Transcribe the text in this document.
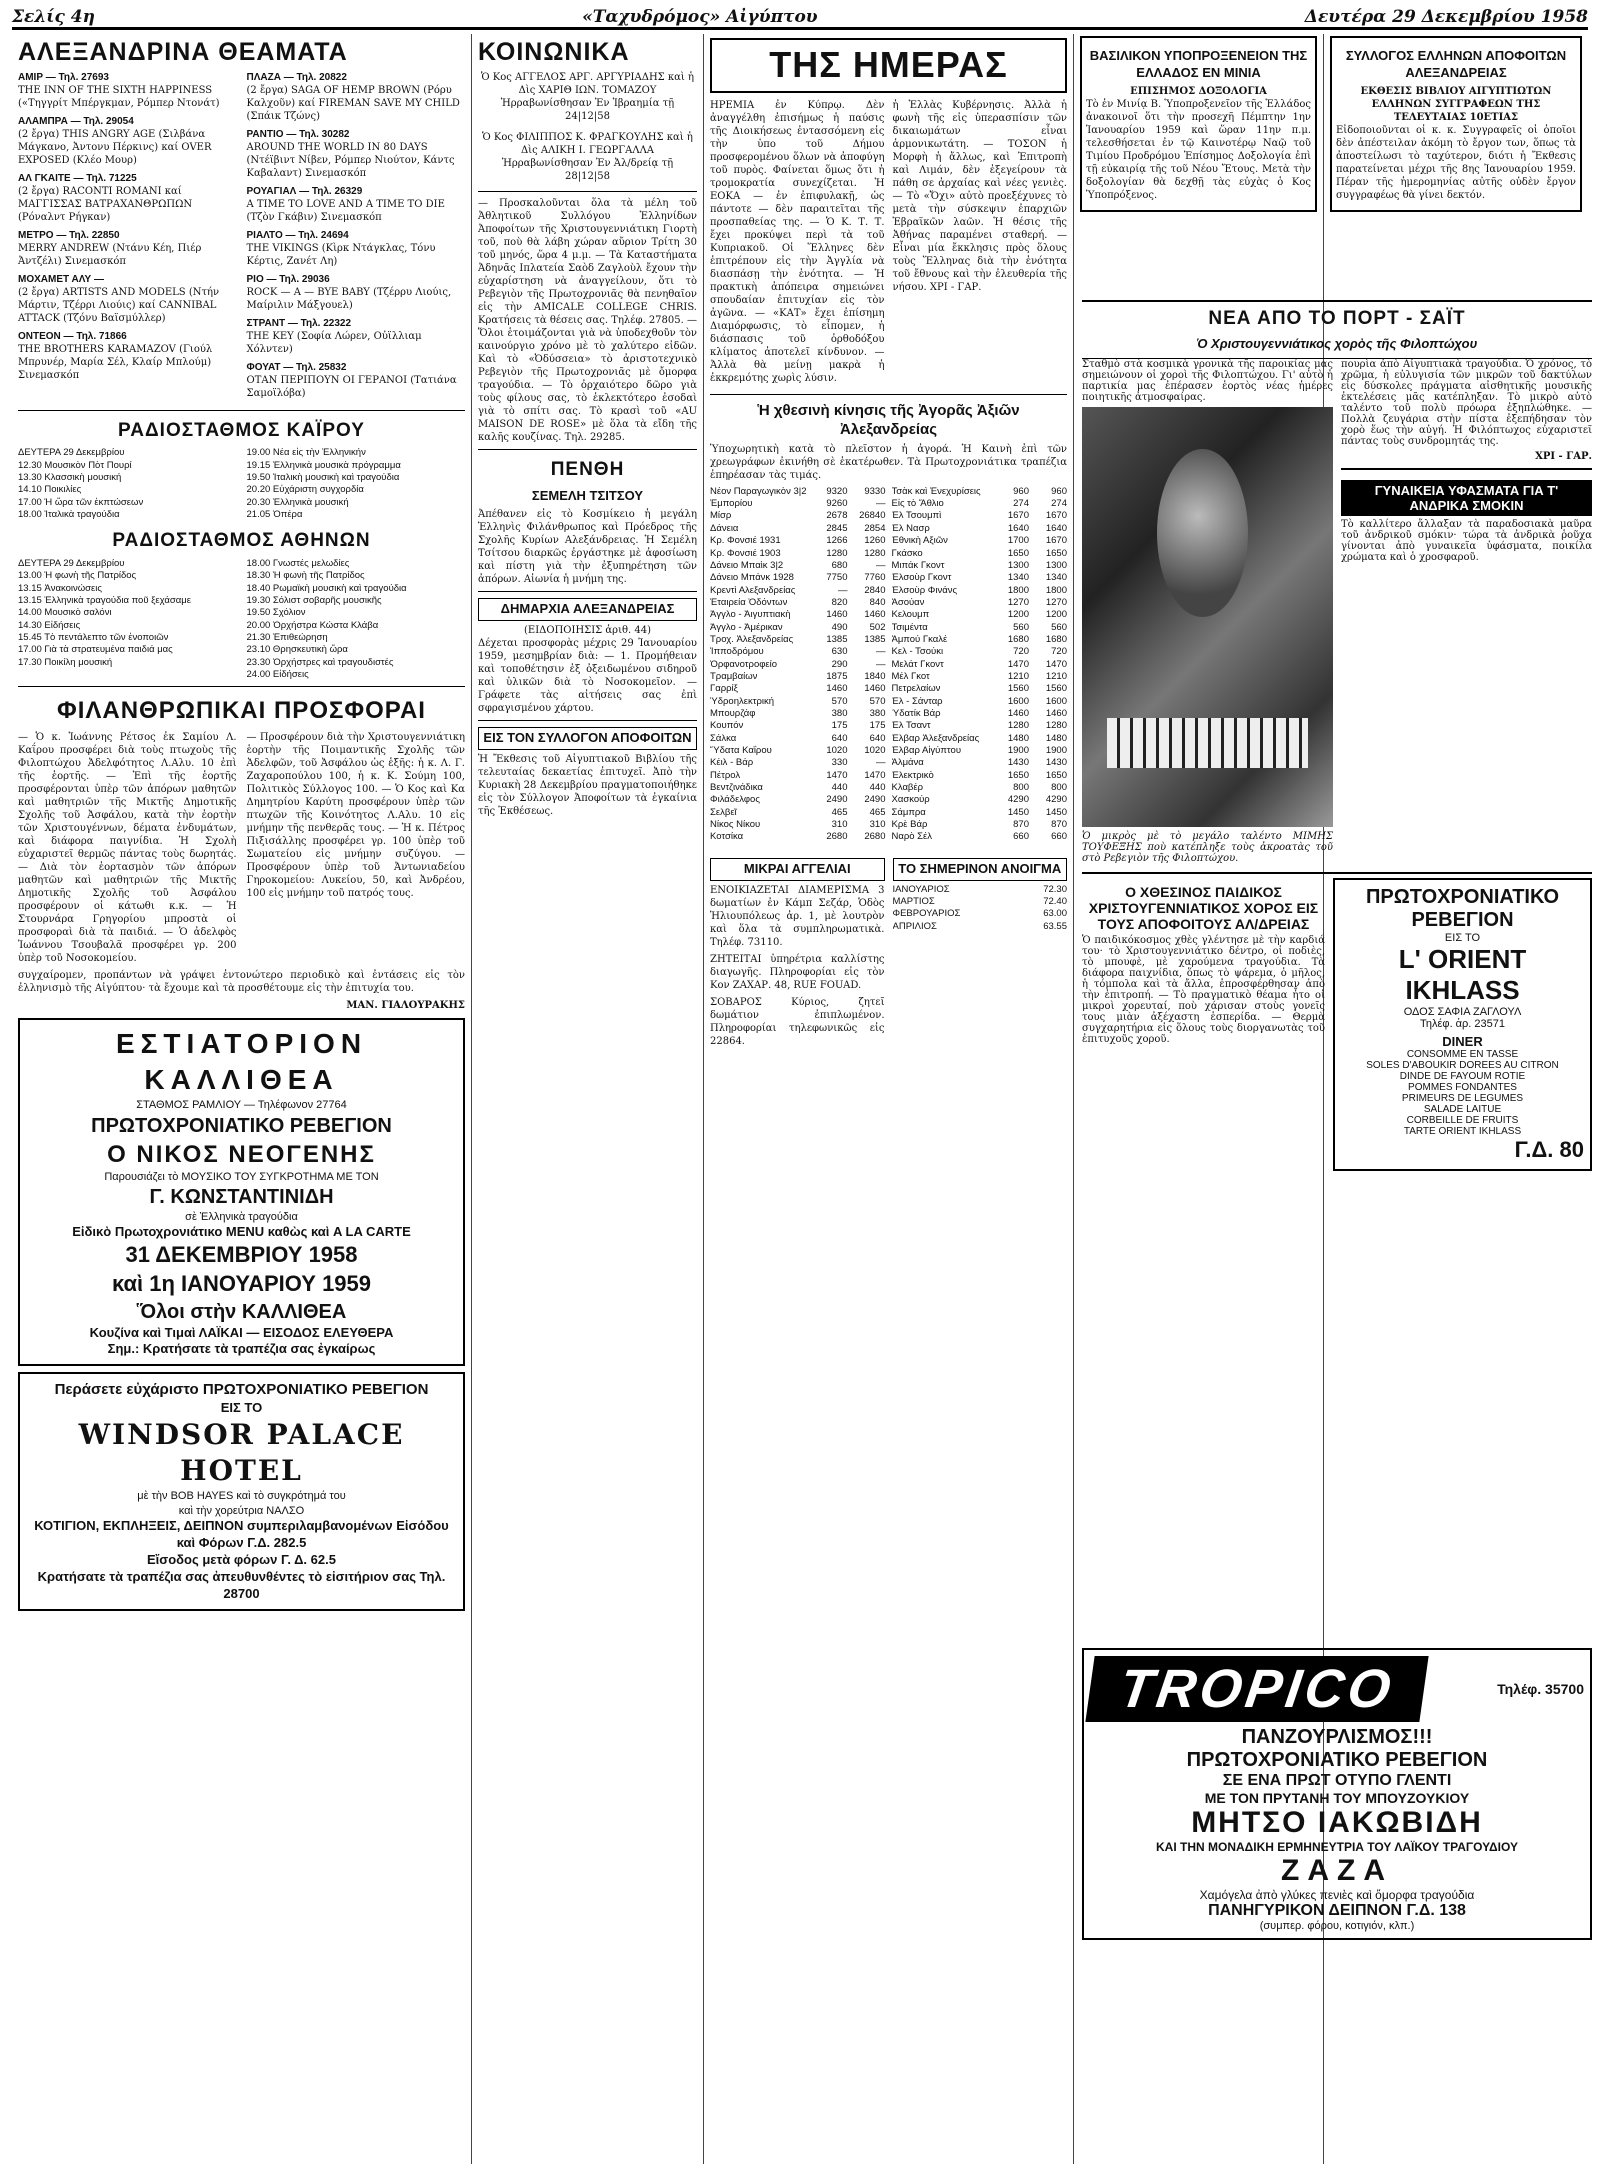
Σελίς 4η	«Ταχυδρόμος» Αἰγύπτου	Δευτέρα 29 Δεκεμβρίου 1958
ΑΛΕΞΑΝΔΡΙΝΑ ΘΕΑΜΑΤΑ
ΑΜΙΡ — Τηλ. 27693
THE INN OF THE SIXTH HAPPINESS («Τηγγρίτ Μπέργκμαν, Ρόμπερ Ντονάτ)
ΑΛΑΜΠΡΑ — Τηλ. 29054
(2 ἔργα) THIS ANGRY AGE (Σιλβάνα Μάγκανο, Ἀντονυ Πέρκινς) καί OVER EXPOSED (Κλέο Μουρ)
ΑΛ ΓΚΑΙΤΕ — Τηλ. 71225
(2 ἔργα) RACONTI ROMANI καί ΜΑΓΓΙΣΣΑΣ ΒΑΤΡΑΧΑΝΘΡΩΠΩΝ (Ρόναλντ Ρήγκαν)
ΜΕΤΡΟ — Τηλ. 22850
MERRY ANDREW (Ντάνυ Κέη, Πιέρ Ἀντζέλι) Σινεμασκόπ
ΜΟΧΑΜΕΤ ΑΛΥ —
(2 ἔργα) ARTISTS AND MODELS (Ντήν Μάρτιν, Τζέρρι Λιούις) καί CANNIBAL ATTACK (Τζόνυ Βαϊσμύλλερ)
ΟΝΤΕΟΝ — Τηλ. 71866
THE BROTHERS KARAMAZOV (Γιούλ Μπρυνέρ, Μαρία Σέλ, Κλαίρ Μπλούμ) Σινεμασκόπ
ΠΛΑΖΑ — Τηλ. 20822
(2 ἔργα) SAGA OF HEMP BROWN (Ρόρυ Καλχοῦν) καί FIREMAN SAVE MY CHILD (Σπάικ Τζώνς)
ΡΑΝΤΙΟ — Τηλ. 30282
AROUND THE WORLD IN 80 DAYS (Ντέϊβιντ Νίβεν, Ρόμπερ Νιούτον, Κάντς Καβαλαντ) Σινεμασκόπ
ΡΟΥΑΓΙΑΛ — Τηλ. 26329
A TIME TO LOVE AND A TIME TO DIE (Τζὸν Γκάβιν) Σινεμασκόπ
ΡΙΑΛΤΟ — Τηλ. 24694
THE VIKINGS (Κὶρκ Ντάγκλας, Τόνυ Κέρτις, Ζανέτ Λη)
ΡΙΟ — Τηλ. 29036
ROCK — A — BYE BABY (Τζέρρυ Λιούις, Μαίριλιν Μάξγουελ)
ΣΤΡΑΝΤ — Τηλ. 22322
THE KEY (Σοφία Λώρεν, Οὐϊλλιαμ Χόλντεν)
ΦΟΥΑΤ — Τηλ. 25832
ΟΤΑΝ ΠΕΡΙΠΟΥΝ ΟΙ ΓΕΡΑΝΟΙ (Τατιάνα Σαμοϊλόβα)
ΡΑΔΙΟΣΤΑΘΜΟΣ ΚΑΪΡΟΥ
ΔΕΥΤΕΡΑ 29 Δεκεμβρίου
12.30 Μουσικὸν Πὸτ Πουρί
13.30 Κλασσικὴ μουσική
14.10 Ποικιλίες
17.00 Ἡ ὥρα τῶν ἐκπτώσεων
18.00 Ἰταλικὰ τραγούδια
19.00 Νέα εἰς τὴν Ἑλληνικήν
19.15 Ἑλληνικὰ μουσικὰ πρόγραμμα
19.50 Ἰταλικὴ μουσικὴ καὶ τραγούδια
20.20 Εὐχάριστη συγχορδία
20.30 Ἑλληνικὰ μουσική
21.05 Ὀπέρα
ΡΑΔΙΟΣΤΑΘΜΟΣ ΑΘΗΝΩΝ
ΔΕΥΤΕΡΑ 29 Δεκεμβρίου
13.00 Ἡ φωνὴ τῆς Πατρίδος
13.15 Ἀνακοινώσεις
13.15 Ἑλληνικὰ τραγούδια ποῦ ξεχάσαμε
14.00 Μουσικὸ σαλόνι
14.30 Εἰδήσεις
15.45 Τὸ πεντάλεπτο τῶν ἐνοποιῶν
17.00 Γιὰ τὰ στρατευμένα παιδιά μας
17.30 Ποικίλη μουσική
18.00 Γνωστές μελωδίες
18.30 Ἡ φωνὴ τῆς Πατρίδος
18.40 Ρωμαϊκὴ μουσικὴ καὶ τραγούδια
19.30 Σόλιστ σοβαρῆς μουσικῆς
19.50 Σχόλιον
20.00 Ὀρχήστρα Κώστα Κλάβα
21.30 Ἐπιθεώρηση
23.10 Θρησκευτικὴ ὥρα
23.30 Ὀρχήστρες καὶ τραγουδιστές
24.00 Εἰδήσεις
ΦΙΛΑΝΘΡΩΠΙΚΑΙ ΠΡΟΣΦΟΡΑΙ

— Ὁ κ. Ἰωάννης Ρέτσος ἐκ Σαμίου Λ. Καΐρου προσφέρει διὰ τοὺς πτωχοὺς τῆς Φιλοπτώχου Ἀδελφότητος Λ.Αλυ. 10 ἐπὶ τῆς ἑορτῆς. — Ἐπὶ τῆς ἑορτῆς προσφέρονται ὑπὲρ τῶν ἀπόρων μαθητῶν καὶ μαθητριῶν τῆς Μικτῆς Δημοτικῆς Σχολῆς τοῦ Ἀσφάλου, κατὰ τὴν ἐορτὴν τῶν Χριστουγέννων, δέματα ἐνδυμάτων, καὶ διάφορα παιγνίδια. Ἡ Σχολὴ εὐχαριστεῖ θερμῶς πάντας τοὺς δωρητάς. — Διὰ τὸν ἑορτασμὸν τῶν ἀπόρων μαθητῶν καὶ μαθητριῶν τῆς Μικτῆς Δημοτικῆς Σχολῆς τοῦ Ἀσφάλου προσφέρουν οἱ κάτωθι κ.κ. — Ἡ Στουρνάρα Γρηγορίου μπροστὰ οἱ προσφοραὶ διὰ τὰ παιδιά. — Ὁ ἀδελφὸς Ἰωάννου Τσουβαλᾶ προσφέρει γρ. 200 ὑπὲρ τοῦ Νοσοκομείου.

— Προσφέρουν διὰ τὴν Χριστουγεννιάτικη ἑορτὴν τῆς Ποιμαντικῆς Σχολῆς τῶν Ἀδελφῶν, τοῦ Ἀσφάλου ὡς ἑξῆς: ἡ κ. Λ. Γ. Ζαχαροπούλου 100, ἡ κ. Κ. Σούμη 100, Πολιτικὸς Σύλλογος 100. — Ὁ Κος καὶ Κα Δημητρίου Καρύτη προσφέρουν ὑπὲρ τῶν πτωχῶν τῆς Κοινότητος Λ.Αλυ. 10 εἰς μνήμην τῆς πενθερᾶς τους. — Ἡ κ. Πέτρος Πιξισάλλης προσφέρει γρ. 100 ὑπὲρ τοῦ Σωματείου εἰς μνήμην συζύγου. — Προσφέρουν ὑπὲρ τοῦ Ἀντωνιαδείου Γηροκομείου: Λυκείου, 50, καὶ Ἀνδρέου, 100 εἰς μνήμην τοῦ πατρός τους.

συγχαίρομεν, προπάντων νὰ γράψει ἐντονώτερο περιοδικὸ καὶ ἐντάσεις εἰς τὸν ἐλληνισμὸ τῆς Αἰγύπτου· τὰ ἔχουμε καὶ τὰ προσθέτουμε εἰς τὴν ἐπιτυχία του.

ΜΑΝ. ΓΙΑΛΟΥΡΑΚΗΣ

ΕΣΤΙΑΤΟΡΙΟΝ ΚΑΛΛΙΘΕΑ
ΣΤΑΘΜΟΣ ΡΑΜΛΙΟΥ — Τηλέφωνον 27764
ΠΡΩΤΟΧΡΟΝΙΑΤΙΚΟ ΡΕΒΕΓΙΟΝ
Ο ΝΙΚΟΣ ΝΕΟΓΕΝΗΣ
Παρουσιάζει τὸ ΜΟΥΣΙΚΟ ΤΟΥ ΣΥΓΚΡΟΤΗΜΑ ΜΕ ΤΟΝ
Γ. ΚΩΝΣΤΑΝΤΙΝΙΔΗ
σὲ Ἑλληνικὰ τραγούδια
Εἰδικὸ Πρωτοχρονιάτικο MENU καθὼς καὶ A LA CARTE
31 ΔΕΚΕΜΒΡΙΟΥ 1958
καὶ 1η ΙΑΝΟΥΑΡΙΟΥ 1959
Ὅλοι στὴν ΚΑΛΛΙΘΕΑ
Κουζίνα καὶ Τιμαὶ ΛΑΪΚΑΙ — ΕΙΣΟΔΟΣ ΕΛΕΥΘΕΡΑ
Σημ.: Κρατήσατε τὰ τραπέζια σας ἐγκαίρως
Περάσετε εὐχάριστο ΠΡΩΤΟΧΡΟΝΙΑΤΙΚΟ ΡΕΒΕΓΙΟΝ
ΕΙΣ ΤΟ
WINDSOR PALACE HOTEL
μὲ τὴν BOB HAYES καὶ τὸ συγκρότημά του
καὶ τὴν χορεύτρια ΝΑΛΣΟ
ΚΟΤΙΓΙΟΝ, ΕΚΠΛΗΞΕΙΣ, ΔΕΙΠΝΟΝ συμπεριλαμβανομένων Εἰσόδου καὶ Φόρων Γ.Δ. 282.5
Εἴσοδος μετὰ φόρων Γ. Δ. 62.5
Κρατήσατε τὰ τραπέζια σας ἀπευθυνθέντες τὸ εἰσιτήριον σας Τηλ. 28700
ΚΟΙΝΩΝΙΚΑ

Ὁ Κος ΑΓΓΕΛΟΣ ΑΡΓ. ΑΡΓΥΡΙΑΔΗΣ καὶ ἡ Δὶς ΧΑΡΙΘ ΙΩΝ. ΤΟΜΑΖΟΥ Ἠρραβωνίσθησαν Ἐν Ἰβραημία τῇ 24|12|58

Ὁ Κος ΦΙΛΙΠΠΟΣ Κ. ΦΡΑΓΚΟΥΛΗΣ καὶ ἡ Δὶς ΑΛΙΚΗ Ι. ΓΕΩΡΓΑΛΛΑ Ἠρραβωνίσθησαν Ἐν Ἀλ/δρείᾳ τῇ 28|12|58

— Προσκαλοῦνται ὅλα τὰ μέλη τοῦ Ἀθλητικοῦ Συλλόγου Ἑλληνίδων Ἀποφοίτων τῆς Χριστουγεννιάτικη Γιορτὴ τοῦ, ποὺ θὰ λάβη χώραν αὔριον Τρίτη 30 τοῦ μηνός, ὥρα 4 μ.μ. — Τὰ Καταστήματα Ἀδηνᾶς Ιπλατεία Σαὸδ Ζαγλοὺλ ἔχουν τὴν εὐχαρίστηση νὰ ἀναγγείλουν, ὅτι τὸ Ρεβεγιὸν τῆς Πρωτοχρονιᾶς θὰ πενηθαῖον εἰς τὴν AMICALE COLLEGE CHRIS. Κρατήσεις τὰ θέσεις σας. Τηλέφ. 27805. — Ὅλοι ἑτοιμάζονται γιὰ νὰ ὑποδεχθοῦν τὸν καινούργιο χρόνο μὲ τὸ χαλύτερο εἰδῶν. Καὶ τὸ «Ὀδύσσεια» τὸ ἀριστοτεχνικὸ Ρεβεγιὸν τῆς Πρωτοχρονιᾶς μὲ ὄμορφα τραγούδια. — Τὸ ὀρχαιότερο δῶρο γιὰ τοὺς φίλους σας, τὸ ἐκλεκτότερο ἐσοδαὶ γιὰ τὸ σπίτι σας. Τὸ κρασὶ τοῦ «AU MAISON DE ROSE» μὲ ὅλα τὰ εἴδη τῆς καλῆς κουζίνας. Τηλ. 29285.

ΠΕΝΘΗ
ΣΕΜΕΛΗ ΤΣΙΤΣΟΥ

Ἀπέθανεν εἰς τὸ Κοσμίκειο ἡ μεγάλη Ἑλληνὶς Φιλάνθρωπος καὶ Πρόεδρος τῆς Σχολῆς Κυρίων Αλεξάνδρειας. Ἡ Σεμέλη Τσίτσου διαρκῶς ἐργάστηκε μὲ ἀφοσίωση καὶ πίστη γιὰ τὴν ἐξυπηρέτηση τῶν ἀπόρων. Αἰωνία ἡ μνήμη της.

ΔΗΜΑΡΧΙΑ ΑΛΕΞΑΝΔΡΕΙΑΣ
(ΕΙΔΟΠΟΙΗΣΙΣ ἀριθ. 44)

Δέχεται προσφορὰς μέχρις 29 Ἰανουαρίου 1959, μεσημβρίαν διὰ: — 1. Προμήθειαν καὶ τοποθέτησιν ἐξ ὀξειδωμένου σιδηροῦ καὶ ὑλικῶν διὰ τὸ Νοσοκομεῖον. — Γράφετε τὰς αἰτήσεις σας ἐπὶ σφραγισμένου χάρτου.

ΕΙΣ ΤΟΝ ΣΥΛΛΟΓΟΝ ΑΠΟΦΟΙΤΩΝ

Ἡ Ἔκθεσις τοῦ Αἰγυπτιακοῦ Βιβλίου τῆς τελευταίας δεκαετίας ἐπιτυχεῖ. Ἀπὸ τὴν Κυριακὴ 28 Δεκεμβρίου πραγματοποιήθηκε εἰς τὸν Σύλλογον Ἀποφοίτων τὰ ἐγκαίνια τῆς Ἐκθέσεως.

ΤΗΣ ΗΜΕΡΑΣ

ΗΡΕΜΙΑ ἐν Κύπρῳ. Δὲν ἀναγγέλθη ἐπισήμως ἡ παύσις τῆς Διοικήσεως ἐντασσόμενη εἰς τὴν ὑπο τοῦ Δήμου προσφερομένου ὅλων νὰ ἀποφύγη τοῦ πυρὸς. Φαίνεται ὅμως ὅτι ἡ τρομοκρατία συνεχίζεται. Ἡ ΕΟΚΑ — ἐν ἐπιφυλακῇ, ὡς πάντοτε — δὲν παραιτεῖται τῆς προσπαθείας της. — Ὁ Κ. Τ. Τ. ἔχει προκύψει περὶ τὰ τοῦ Κυπριακοῦ. Οἱ Ἕλληνες δὲν ἐπιτρέπουν εἰς τὴν Ἀγγλία νὰ διασπάσῃ τὴν ἑνότητα. — Ἡ πρακτικὴ ἀπόπειρα σημειώνει σπουδαίαν ἐπιτυχίαν εἰς τὸν ἀγῶνα. — «ΚΑΤ» ἔχει ἐπίσημη Διαμόρφωσις, τὸ εἶπομεν, ἡ διάσπασις τοῦ ὀρθοδόξου κλίματος ἀποτελεῖ κίνδυνον. — Ἀλλὰ θὰ μείνῃ μακρὰ ἡ ἐκκρεμότης χωρὶς λύσιν.

ἡ Ἑλλὰς Κυβέρνησις. Ἀλλὰ ἡ φωνὴ τῆς εἰς ὑπερασπίσιν τῶν δικαιωμάτων εἶναι ἁρμονικωτάτη. — ΤΟΣΟΝ ἡ Μορφὴ ἡ ἄλλως, καὶ Ἐπιτροπὴ καὶ Λιμάν, δὲν ἐξεγείρουν τὰ πάθη σε ἀρχαίας καὶ νέες γενιὲς. — Τὸ «Ὄχι» αὐτὸ προεξέχυνες τὸ μετὰ τὴν σύσκεψιν ἐπαρχιῶν Ἑβραϊκῶν λαῶν. Ἡ θέσις τῆς Ἀθήνας παραμένει σταθερή. — Εἶναι μία ἔκκλησις πρὸς ὅλους τοὺς Ἕλληνας διὰ τὴν ἑνότητα τοῦ ἔθνους καὶ τὴν ἐλευθερία τῆς νήσου. ΧΡΙ - ΓΑΡ.

Ἡ χθεσινὴ κίνησις τῆς Ἀγορᾶς Ἀξιῶν Ἀλεξανδρείας

Ὑποχωρητικὴ κατὰ τὸ πλεῖστον ἡ ἀγορά. Ἡ Καινὴ ἐπὶ τῶν χρεωγράφων ἐκινήθη σὲ ἑκατέρωθεν. Τὰ Πρωτοχρονιάτικα τραπέζια ἐπηρέασαν τὰς τιμάς.

Νέον Παραγωγικὸν 3|2	9320	9330
Ἐμπορίου	9260	—
Μίσρ	2678	26840
Δάνεια	2845	2854
Κρ. Φονσιέ 1931	1266	1260
Κρ. Φονσιέ 1903	1280	1280
Δάνειο Μπαὶκ 3|2	680	—
Δάνειο Μπάνκ 1928	7750	7760
Κρεντὶ Αλεξανδρείας	—	2840
Ἑταιρεία Ὀδόντων	820	840
Ἀγγλο - Ἀιγυπτιακὴ	1460	1460
Ἀγγλο - Ἀμέρικαν	490	502
Τροχ. Ἀλεξανδρείας	1385	1385
Ἱπποδρόμου	630	—
Ὀρφανοτροφείο	290	—
Τραμβαίων	1875	1840
Γαρρίξ	1460	1460
Ὑδροηλεκτρική	570	570
Μπουρζάφ	380	380
Κουπόν	175	175
Σάλκα	640	640
Ὕδατα Καΐρου	1020	1020
Κέιλ - Βάρ	330	—
Πέτρολ	1470	1470
Βεντζινάδικα	440	440
Φιλάδελφος	2490	2490
Σελβεῖ	465	465
Νίκος Νίκου	310	310
Κοτσίκα	2680	2680
Τσὰκ καὶ Ἐνεχυρίσεις	960	960
Εἰς τὸ Ἄθλιο	274	274
Ἐλ Τσουμπὶ	1670	1670
Ἐλ Νασρ	1640	1640
Ἐθνικὴ Αξιῶν	1700	1670
Γκάσκο	1650	1650
Μιπάκ Γκοντ	1300	1300
Ἐλσοὺρ Γκοντ	1340	1340
Ἐλσοὺρ Φινάνς	1800	1800
Ἀσούαν	1270	1270
Κελουμπ	1200	1200
Τσιμέντα	560	560
Ἀμπού Γκαλέ	1680	1680
Κελ - Τσούκι	720	720
Μελάτ Γκοντ	1470	1470
Μέλ Γκοτ	1210	1210
Πετρελαίων	1560	1560
Ἐλ - Σάνταρ	1600	1600
Ὑδατίκ Βάρ	1460	1460
Ἐλ Τσαντ	1280	1280
Ἐλβαρ Ἀλεξανδρείας	1480	1480
Ἐλβαρ Αἰγύπτου	1900	1900
Ἀλμάνα	1430	1430
Ἐλεκτρικὸ	1650	1650
Κλαβέρ	800	800
Χασκούρ	4290	4290
Σάμπρα	1450	1450
Κρὲ Βάρ	870	870
Ναρὸ Σέλ	660	660
ΜΙΚΡΑΙ ΑΓΓΕΛΙΑΙ

ΕΝΟΙΚΙΑΖΕΤΑΙ ΔΙΑΜΕΡΙΣΜΑ 3 δωματίων ἐν Κάμπ Σεζάρ, Ὁδὸς Ἡλιουπόλεως ἀρ. 1, μὲ λουτρὸν καὶ ὅλα τὰ συμπληρωματικὰ. Τηλέφ. 73110.

ΖΗΤΕΙΤΑΙ ὑπηρέτρια καλλίστης διαγωγῆς. Πληροφορίαι εἰς τὸν Κον ΖΑΧΑΡ. 48, RUE FOUAD.

ΣΟΒΑΡΟΣ Κύριος, ζητεῖ δωμάτιον ἐπιπλωμένον. Πληροφορίαι τηλεφωνικῶς εἰς 22864.

ΤΟ ΣΗΜΕΡΙΝΟΝ ΑΝΟΙΓΜΑ
ΙΑΝΟΥΑΡΙΟΣ	72.30
ΜΑΡΤΙΟΣ	72.40
ΦΕΒΡΟΥΑΡΙΟΣ	63.00
ΑΠΡΙΛΙΟΣ	63.55
ΒΑΣΙΛΙΚΟΝ ΥΠΟΠΡΟΞΕΝΕΙΟΝ ΤΗΣ ΕΛΛΑΔΟΣ ΕΝ ΜΙΝΙΑ
ΕΠΙΣΗΜΟΣ ΔΟΞΟΛΟΓΙΑ

Τὸ ἐν Μινίᾳ Β. Ὑποπροξενεῖον τῆς Ἑλλάδος ἀνακοινοῖ ὅτι τὴν προσεχῆ Πέμπτην 1ην Ἰανουαρίου 1959 καὶ ὥραν 11ην π.μ. τελεσθήσεται ἐν τῷ Καινοτέρῳ Ναῷ τοῦ Τιμίου Προδρόμου Ἐπίσημος Δοξολογία ἐπὶ τῇ εὐκαιρίᾳ τῆς τοῦ Νέου Ἔτους. Μετὰ τὴν δοξολογίαν θὰ δεχθῇ τὰς εὐχὰς ὁ Κος Ὑποπρόξενος.

ΣΥΛΛΟΓΟΣ ΕΛΛΗΝΩΝ ΑΠΟΦΟΙΤΩΝ ΑΛΕΞΑΝΔΡΕΙΑΣ
ΕΚΘΕΣΙΣ ΒΙΒΛΙΟΥ ΑΙΓΥΠΤΙΩΤΩΝ ΕΛΛΗΝΩΝ ΣΥΓΓΡΑΦΕΩΝ ΤΗΣ ΤΕΛΕΥΤΑΙΑΣ 10ΕΤΙΑΣ

Εἰδοποιοῦνται οἱ κ. κ. Συγγραφεῖς οἱ ὁποῖοι δὲν ἀπέστειλαν ἀκόμη τὸ ἔργον των, ὅπως τὰ ἀποστείλωσι τὸ ταχύτερον, διότι ἡ Ἔκθεσις παρατείνεται μέχρι τῆς 8ης Ἰανουαρίου 1959. Πέραν τῆς ἡμερομηνίας αὐτῆς οὐδὲν ἔργον συγγραφέως θὰ γίνει δεκτόν.

ΝΕΑ ΑΠΟ ΤΟ ΠΟΡΤ - ΣΑΪΤ
Ὁ Χριστουγεννιάτικος χορὸς τῆς Φιλοπτώχου

Σταθμὸ στὰ κοσμικὰ γρονικὰ τῆς παροικίας μας σημειώνουν οἱ χοροὶ τῆς Φιλοπτώχου. Γι' αὐτὸ ἡ παρτικία μας ἐπέρασεν ἑορτὸς νέας ἡμέρες ποιητικῆς ἀτμοσφαίρας.

Ὁ μικρὸς μὲ τὸ μεγάλο ταλέντο ΜΙΜΗΣ ΤΟΥΦΕΞΗΣ ποὺ κατέπληξε τοὺς ἀκροατὰς τοῦ στὸ Ρεβεγιὸν τῆς Φιλοπτώχου.

πουρὶα ἀπὸ Αἰγυπτιακὰ τραγούδια. Ὁ χρόνος, τὸ χρῶμα, ἡ εὐλυγισία τῶν μικρῶν τοῦ δακτύλων εἰς δύσκολες πράγματα αἰσθητικῆς μουσικῆς ἐκτελέσεις μᾶς κατέπληξαν. Τὸ μικρὸ αὐτὸ ταλέντο τοῦ πολὺ πρόωρα ἐξηπλώθηκε. — Πολλὰ ζευγάρια στὴν πίστα ἐξεπήδησαν τὸν χορὸ ἕως τὴν αὐγή. Ἡ Φιλόπτωχος εὐχαριστεῖ πάντας τοὺς συνδρομητάς της.

ΧΡΙ - ΓΑΡ.

ΓΥΝΑΙΚΕΙΑ ΥΦΑΣΜΑΤΑ ΓΙΑ Τ' ΑΝΔΡΙΚΑ ΣΜΟΚΙΝ

Τὸ καλλίτερο ἄλλαξαν τὰ παραδοσιακὰ μαῦρα τοῦ ἀνδρικοῦ σμόκιν· τώρα τὰ ἀνδρικὰ ῥοῦχα γίνονται ἀπὸ γυναικεῖα ὑφάσματα, ποικίλα χρώματα καὶ ὁ χροσφαροῦ.

Ο ΧΘΕΣΙΝΟΣ ΠΑΙΔΙΚΟΣ ΧΡΙΣΤΟΥΓΕΝΝΙΑΤΙΚΟΣ ΧΟΡΟΣ ΕΙΣ ΤΟΥΣ ΑΠΟΦΟΙΤΟΥΣ ΑΛ/ΔΡΕΙΑΣ

Ὁ παιδικόκοσμος χθὲς γλέντησε μὲ τὴν καρδιά του· τὸ Χριστουγεννιάτικο δέντρο, οἱ ποδιὲς, τὸ μπουφὲ, μὲ χαρούμενα τραγούδια. Τὰ διάφορα παιχνίδια, ὅπως τὸ ψάρεμα, ὁ μῆλος, ἡ τόμπολα καὶ τὰ ἄλλα, ἐπροσφέρθησαν ἀπὸ τὴν ἐπιτροπή. — Τὸ πραγματικὸ θέαμα ἦτο οἱ μικροὶ χορευταί, ποὺ χάρισαν στοὺς γονεῖς τους μιὰν ἀξέχαστη ἑσπερίδα. — Θερμὰ συγχαρητήρια εἰς ὅλους τοὺς διοργανωτὰς τοῦ ἐπιτυχοῦς χοροῦ.

ΠΡΩΤΟΧΡΟΝΙΑΤΙΚΟ
ΡΕΒΕΓΙΟΝ
ΕΙΣ ΤΟ
L' ORIENT IKHLASS
ΟΔΟΣ ΣΑΦΙΑ ΖΑΓΛΟΥΛ
Τηλέφ. ἀρ. 23571
DINER
CONSOMME EN TASSE
SOLES D'ABOUKIR DOREES AU CITRON
DINDE DE FAYOUM ROTIE
POMMES FONDANTES
PRIMEURS DE LEGUMES
SALADE LAITUE
CORBEILLE DE FRUITS
TARTE ORIENT IKHLASS
Γ.Δ. 80
TROPICO	Τηλέφ. 35700
ΠΑΝΖΟΥΡΛΙΣΜΟΣ!!!
ΠΡΩΤΟΧΡΟΝΙΑΤΙΚΟ ΡΕΒΕΓΙΟΝ
ΣΕ ΕΝΑ ΠΡΩΤ ΟΤΥΠΟ ΓΛΕΝΤΙ
ΜΕ ΤΟΝ ΠΡΥΤΑΝΗ ΤΟΥ ΜΠΟΥΖΟΥΚΙΟΥ
ΜΗΤΣΟ ΙΑΚΩΒΙΔΗ
ΚΑΙ ΤΗΝ ΜΟΝΑΔΙΚΗ ΕΡΜΗΝΕΥΤΡΙΑ ΤΟΥ ΛΑΪΚΟΥ ΤΡΑΓΟΥΔΙΟΥ
ΖΑΖΑ
Χαμόγελα ἀπὸ γλύκες πενιὲς καὶ ὄμορφα τραγούδια
ΠΑΝΗΓΥΡΙΚΟΝ ΔΕΙΠΝΟΝ Γ.Δ. 138
(συμπερ. φόρου, κοτιγιόν, κλπ.)
